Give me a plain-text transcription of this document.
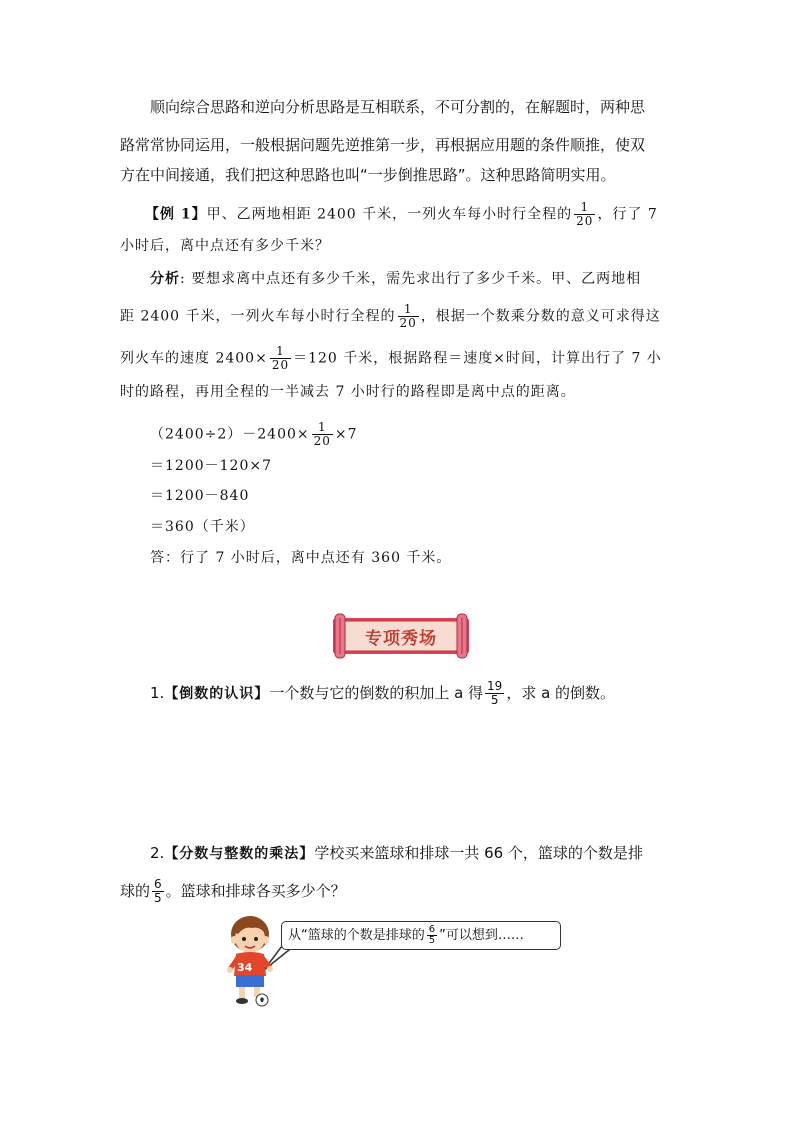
顺向综合思路和逆向分析思路是互相联系，不可分割的，在解题时，两种思
路常常协同运用，一般根据问题先逆推第一步，再根据应用题的条件顺推，使双
方在中间接通，我们把这种思路也叫“一步倒推思路”。这种思路简明实用。
【例 1】甲、乙两地相距 2400 千米，一列火车每小时行全程的 $\frac{1}{20}$ ，行了 7
小时后，离中点还有多少千米？
分析: 要想求离中点还有多少千米，需先求出行了多少千米。甲、乙两地相
距 2400 千米，一列火车每小时行全程的 $\frac{1}{20}$ ，根据一个数乘分数的意义可求得这
列火车的速度 $2400\times \frac{1}{20} =120$ 千米，根据路程＝速度×时间，计算出行了 7 小
时的路程，再用全程的一半减去 7 小时行的路程即是离中点的距离。
$(2400\div 2)-2400\times \frac{1}{20} \times 7$
＝1200－120×7
＝1200－840
＝360（千米）
答：行了 7 小时后，离中点还有 360 千米。
专项秀场
1.【倒数的认识】一个数与它的倒数的积加上 a 得 $\frac{19}{5}$ ，求 a 的倒数。
2.【分数与整数的乘法】学校买来篮球和排球一共 66 个，篮球的个数是排
球的 $\frac{6}{5}$ 。篮球和排球各买多少个？
从“篮球的个数是排球的 $\frac{6}{5}$ ”可以想到……
34
